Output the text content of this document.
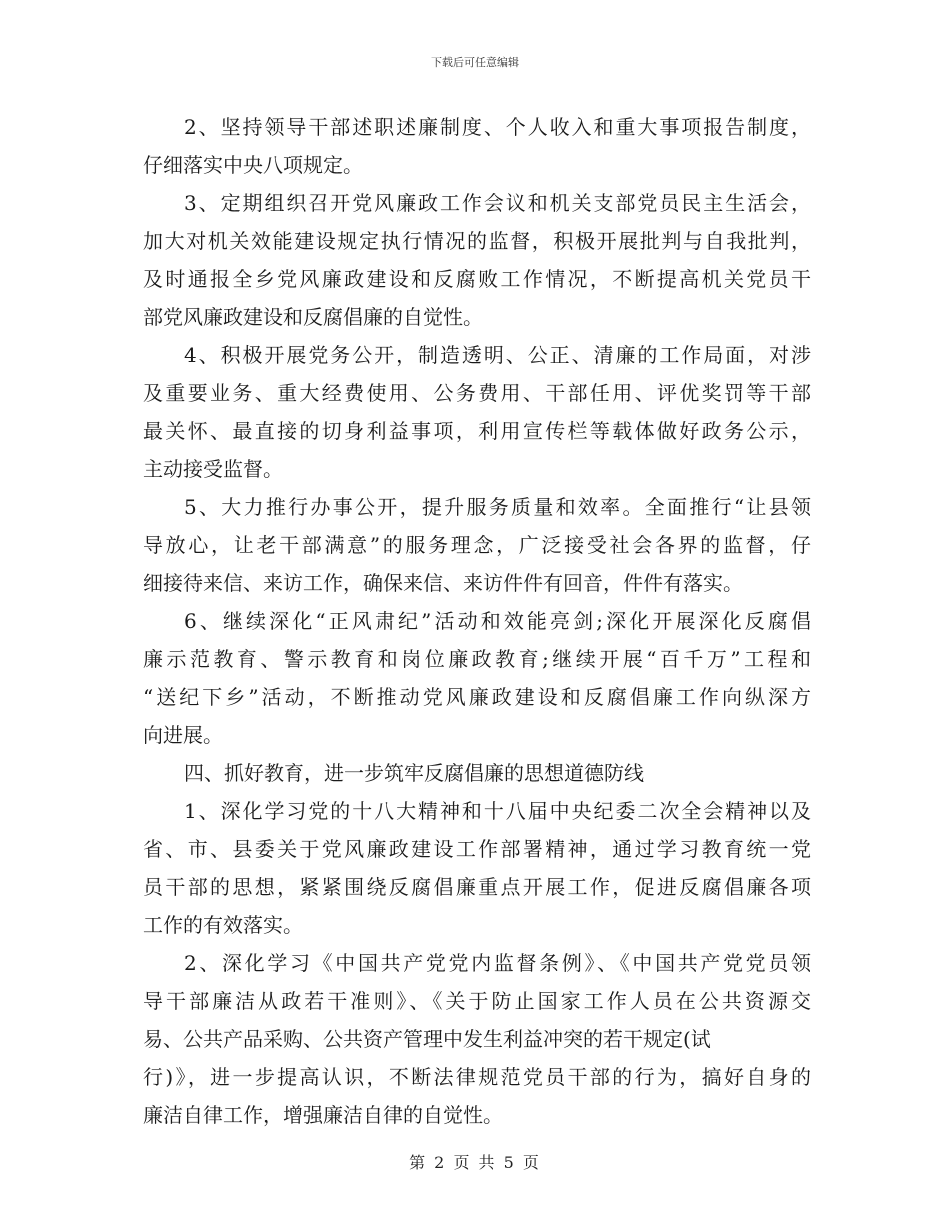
下载后可任意编辑
2、坚持领导干部述职述廉制度、个人收入和重大事项报告制度，
仔细落实中央八项规定。
3、定期组织召开党风廉政工作会议和机关支部党员民主生活会，
加大对机关效能建设规定执行情况的监督，积极开展批判与自我批判，
及时通报全乡党风廉政建设和反腐败工作情况，不断提高机关党员干
部党风廉政建设和反腐倡廉的自觉性。
4、积极开展党务公开，制造透明、公正、清廉的工作局面，对涉
及重要业务、重大经费使用、公务费用、干部任用、评优奖罚等干部
最关怀、最直接的切身利益事项，利用宣传栏等载体做好政务公示，
主动接受监督。
5、大力推行办事公开，提升服务质量和效率。全面推行“让县领
导放心，让老干部满意”的服务理念，广泛接受社会各界的监督，仔
细接待来信、来访工作，确保来信、来访件件有回音，件件有落实。
6、继续深化“正风肃纪”活动和效能亮剑;深化开展深化反腐倡
廉示范教育、警示教育和岗位廉政教育;继续开展“百千万”工程和
“送纪下乡”活动，不断推动党风廉政建设和反腐倡廉工作向纵深方
向进展。
四、抓好教育，进一步筑牢反腐倡廉的思想道德防线
1、深化学习党的十八大精神和十八届中央纪委二次全会精神以及
省、市、县委关于党风廉政建设工作部署精神，通过学习教育统一党
员干部的思想，紧紧围绕反腐倡廉重点开展工作，促进反腐倡廉各项
工作的有效落实。
2、深化学习《中国共产党党内监督条例》、《中国共产党党员领
导干部廉洁从政若干准则》、《关于防止国家工作人员在公共资源交
易、公共产品采购、公共资产管理中发生利益冲突的若干规定(试
行)》，进一步提高认识，不断法律规范党员干部的行为，搞好自身的
廉洁自律工作，增强廉洁自律的自觉性。
第 2 页 共 5 页
